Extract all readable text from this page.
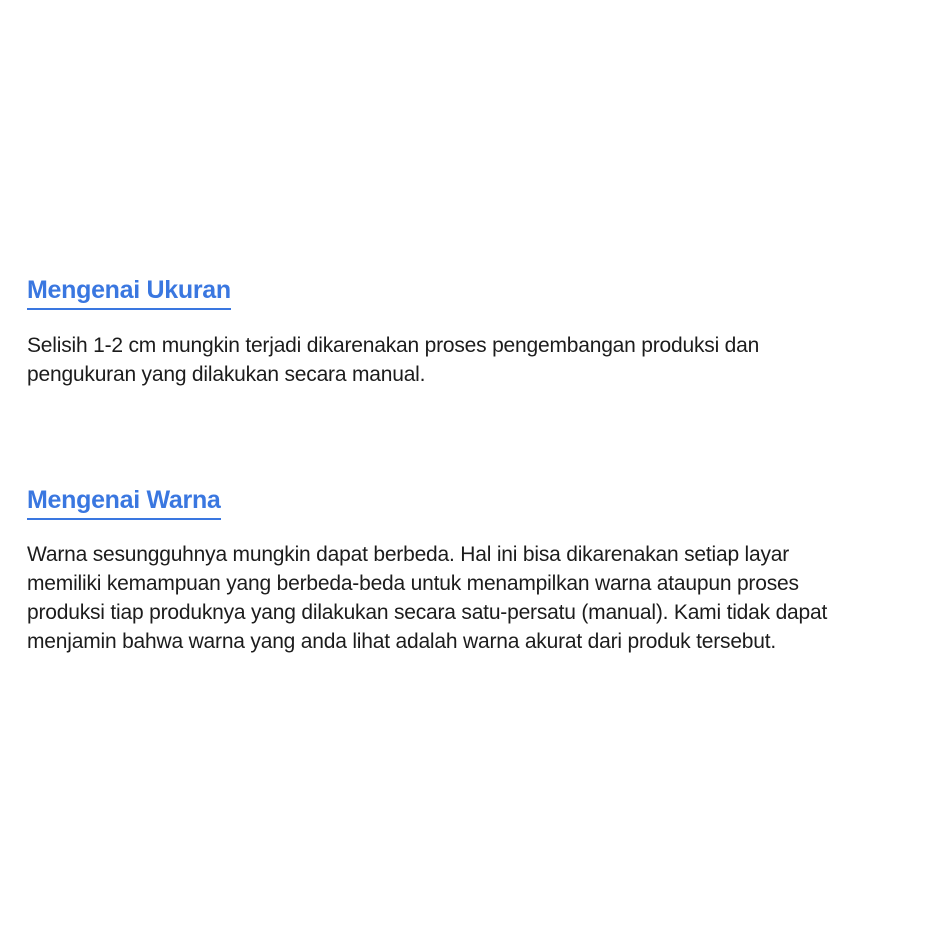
Mengenai Ukuran

Selisih 1-2 cm mungkin terjadi dikarenakan proses pengembangan produksi dan
pengukuran yang dilakukan secara manual.

Mengenai Warna

Warna sesungguhnya mungkin dapat berbeda. Hal ini bisa dikarenakan setiap layar
memiliki kemampuan yang berbeda-beda untuk menampilkan warna ataupun proses
produksi tiap produknya yang dilakukan secara satu-persatu (manual). Kami tidak dapat
menjamin bahwa warna yang anda lihat adalah warna akurat dari produk tersebut.
